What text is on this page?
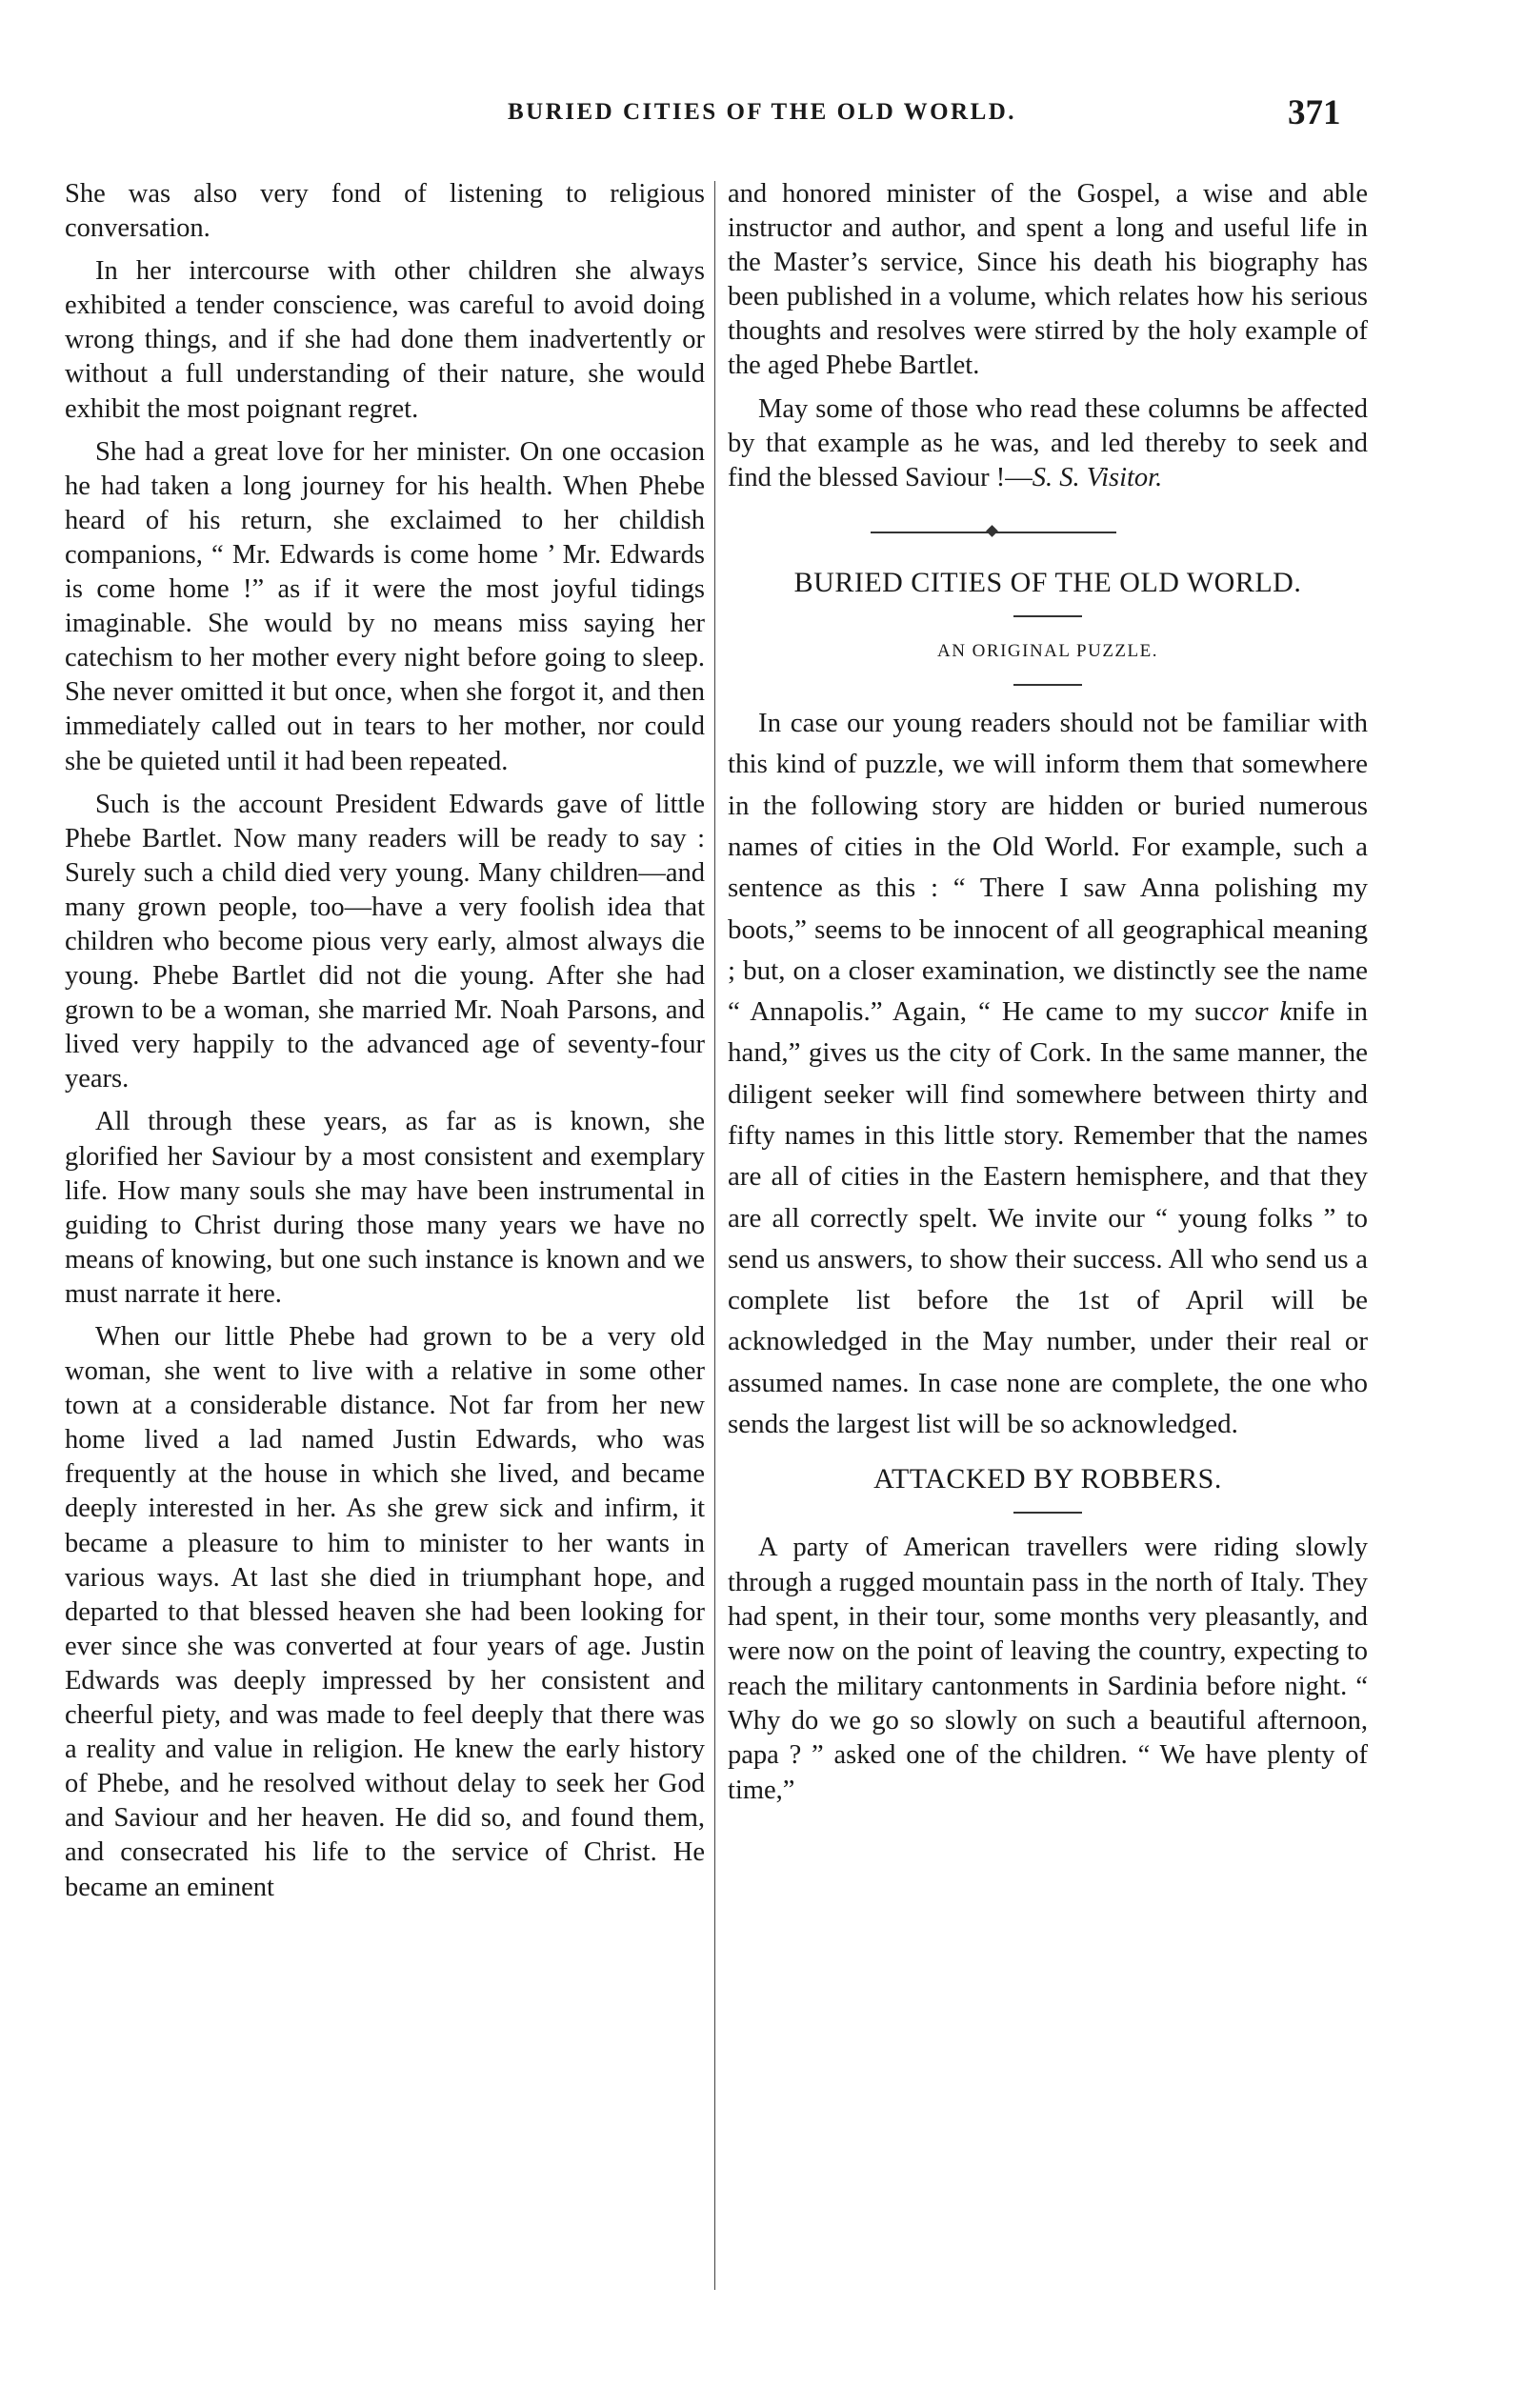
BURIED CITIES OF THE OLD WORLD.	371

She was also very fond of listening to religious conversation.

In her intercourse with other children she always exhibited a tender conscience, was careful to avoid doing wrong things, and if she had done them inadvertently or without a full understanding of their nature, she would exhibit the most poignant regret.

She had a great love for her minister. On one occasion he had taken a long journey for his health. When Phebe heard of his return, she exclaimed to her childish companions, “ Mr. Edwards is come home ’ Mr. Edwards is come home !” as if it were the most joyful tidings imaginable. She would by no means miss saying her catechism to her mother every night before going to sleep. She never omitted it but once, when she forgot it, and then immediately called out in tears to her mother, nor could she be quieted until it had been repeated.

Such is the account President Edwards gave of little Phebe Bartlet. Now many readers will be ready to say : Surely such a child died very young. Many children—and many grown people, too—have a very foolish idea that children who become pious very early, almost always die young. Phebe Bartlet did not die young. After she had grown to be a woman, she married Mr. Noah Parsons, and lived very happily to the advanced age of seventy-four years.

All through these years, as far as is known, she glorified her Saviour by a most consistent and exemplary life. How many souls she may have been instrumental in guiding to Christ during those many years we have no means of knowing, but one such instance is known and we must narrate it here.

When our little Phebe had grown to be a very old woman, she went to live with a relative in some other town at a considerable distance. Not far from her new home lived a lad named Justin Edwards, who was frequently at the house in which she lived, and became deeply interested in her. As she grew sick and infirm, it became a pleasure to him to minister to her wants in various ways. At last she died in triumphant hope, and departed to that blessed heaven she had been looking for ever since she was converted at four years of age. Justin Edwards was deeply impressed by her consistent and cheerful piety, and was made to feel deeply that there was a reality and value in religion. He knew the early history of Phebe, and he resolved without delay to seek her God and Saviour and her heaven. He did so, and found them, and consecrated his life to the service of Christ. He became an eminent

and honored minister of the Gospel, a wise and able instructor and author, and spent a long and useful life in the Master’s service, Since his death his biography has been published in a volume, which relates how his serious thoughts and resolves were stirred by the holy example of the aged Phebe Bartlet.

May some of those who read these columns be affected by that example as he was, and led thereby to seek and find the blessed Saviour !—S. S. Visitor.

BURIED CITIES OF THE OLD WORLD.
AN ORIGINAL PUZZLE.

In case our young readers should not be familiar with this kind of puzzle, we will inform them that somewhere in the following story are hidden or buried numerous names of cities in the Old World. For example, such a sentence as this : “ There I saw Anna polishing my boots,” seems to be innocent of all geographical meaning ; but, on a closer examination, we distinctly see the name “ Annapolis.” Again, “ He came to my succor knife in hand,” gives us the city of Cork. In the same manner, the diligent seeker will find somewhere between thirty and fifty names in this little story. Remember that the names are all of cities in the Eastern hemisphere, and that they are all correctly spelt. We invite our “ young folks ” to send us answers, to show their success. All who send us a complete list before the 1st of April will be acknowledged in the May number, under their real or assumed names. In case none are complete, the one who sends the largest list will be so acknowledged.

ATTACKED BY ROBBERS.

A party of American travellers were riding slowly through a rugged mountain pass in the north of Italy. They had spent, in their tour, some months very pleasantly, and were now on the point of leaving the country, expecting to reach the military cantonments in Sardinia before night. “ Why do we go so slowly on such a beautiful afternoon, papa ? ” asked one of the children. “ We have plenty of time,”
